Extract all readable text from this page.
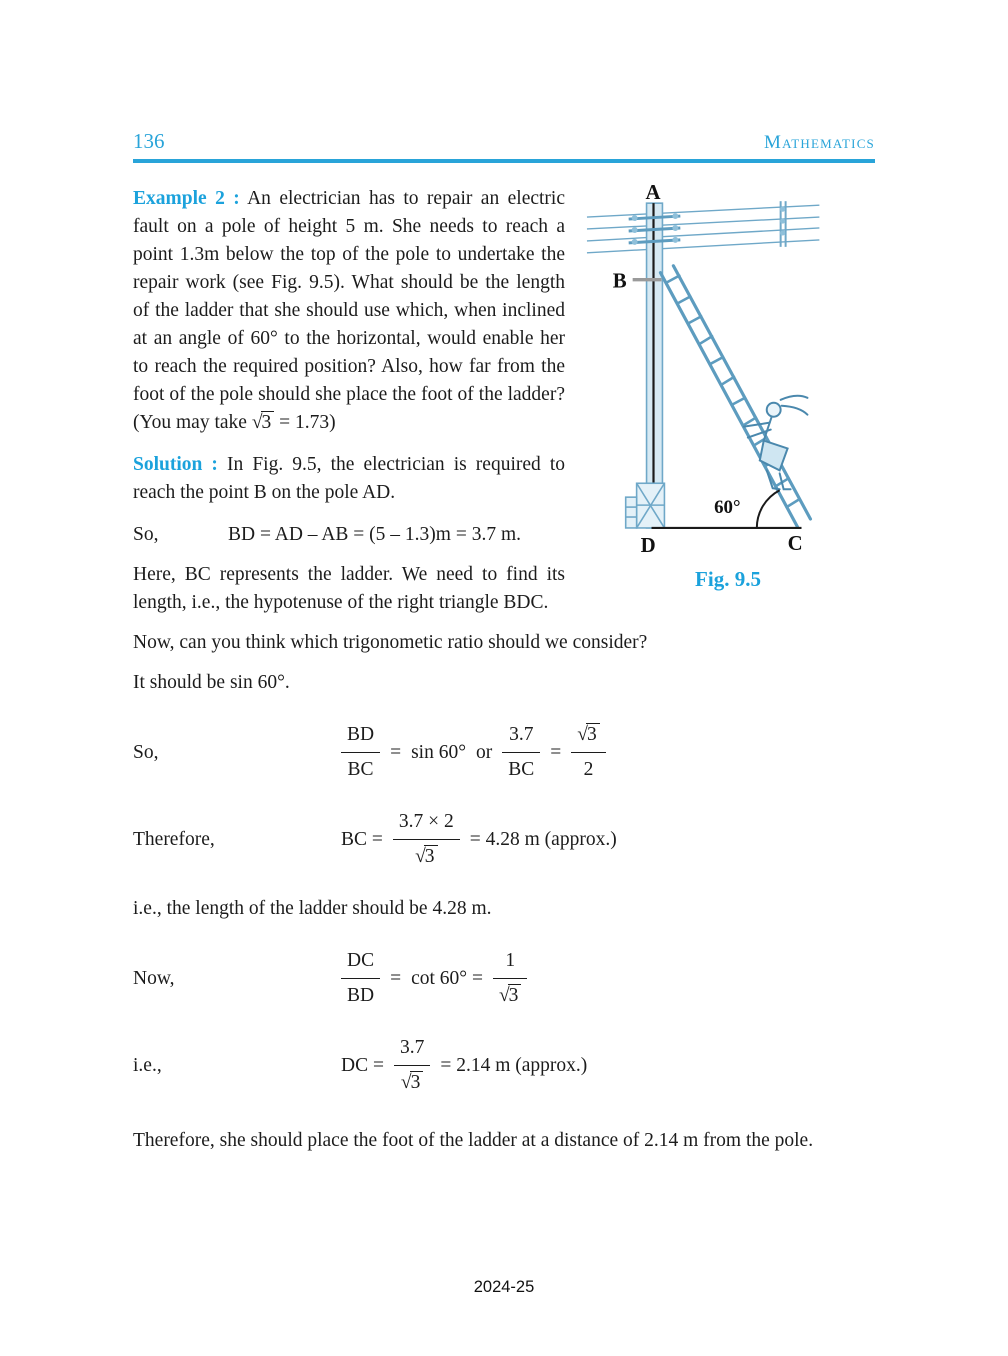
136	Mathematics
A
B
D	C
60°
Fig. 9.5

Example 2 : An electrician has to repair an electric fault on a pole of height 5 m. She needs to reach a point 1.3m below the top of the pole to undertake the repair work (see Fig. 9.5). What should be the length of the ladder that she should use which, when inclined at an angle of 60° to the horizontal, would enable her to reach the required position? Also, how far from the foot of the pole should she place the foot of the ladder? (You may take √3 = 1.73)

Solution : In Fig. 9.5, the electrician is required to reach the point B on the pole AD.

So,	BD = AD – AB = (5 – 1.3)m = 3.7 m.

Here, BC represents the ladder. We need to find its length, i.e., the hypotenuse of the right triangle BDC.

Now, can you think which trigonometic ratio should we consider?

It should be sin 60°.

So,	$\frac{BD}{BC} = \sin 60^\circ$ or $\frac{3.7}{BC} = \frac{√3}{2}$
Therefore,	BC = $\frac{3.7 \times 2}{√3} = 4.28$ m (approx.)

i.e., the length of the ladder should be 4.28 m.

Now,	$\frac{DC}{BD} = \cot 60^\circ = \frac{1}{√3}$
i.e.,	DC = $\frac{3.7}{√3} = 2.14$ m (approx.)

Therefore, she should place the foot of the ladder at a distance of 2.14 m from the pole.

2024-25
